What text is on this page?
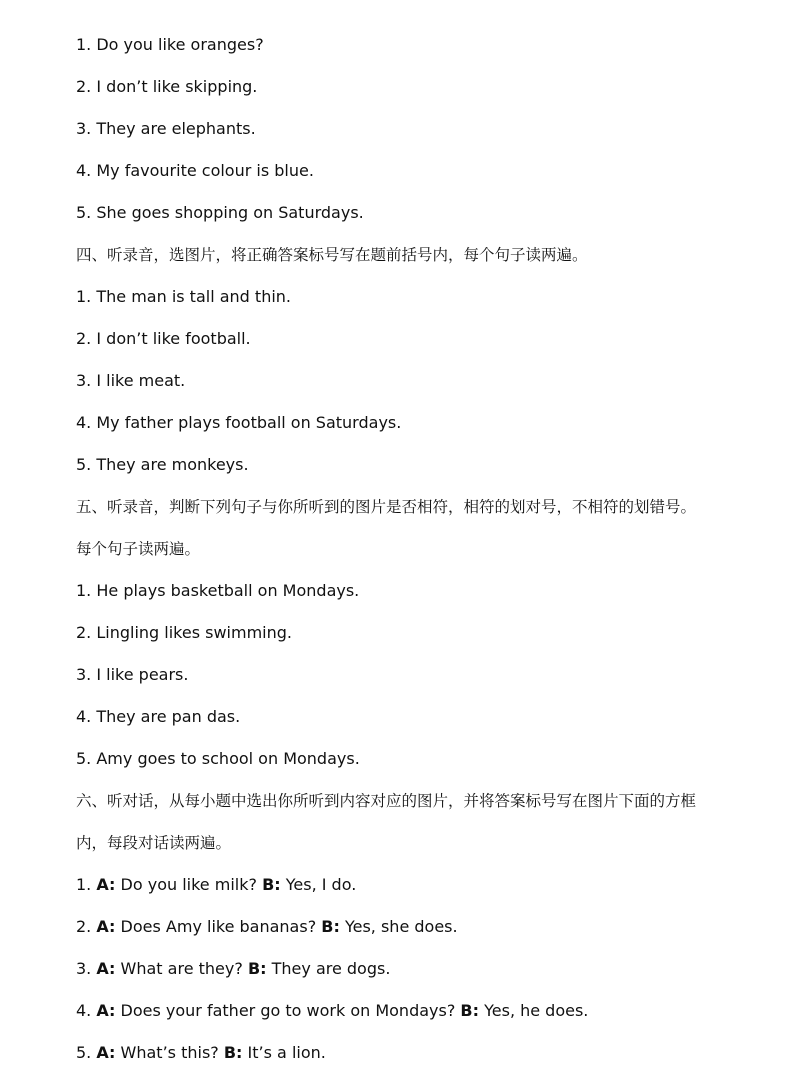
1. Do you like oranges?
2. I don’t like skipping.
3. They are elephants.
4. My favourite colour is blue.
5. She goes shopping on Saturdays.
四、听录音，选图片，将正确答案标号写在题前括号内，每个句子读两遍。
1. The man is tall and thin.
2. I don’t like football.
3. I like meat.
4. My father plays football on Saturdays.
5. They are monkeys.
五、听录音，判断下列句子与你所听到的图片是否相符，相符的划对号，不相符的划错号。
每个句子读两遍。
1. He plays basketball on Mondays.
2. Lingling likes swimming.
3. I like pears.
4. They are pan das.
5. Amy goes to school on Mondays.
六、听对话，从每小题中选出你所听到内容对应的图片，并将答案标号写在图片下面的方框
内，每段对话读两遍。
1. A: Do you like milk? B: Yes, I do.
2. A: Does Amy like bananas? B: Yes, she does.
3. A: What are they? B: They are dogs.
4. A: Does your father go to work on Mondays? B: Yes, he does.
5. A: What’s this? B: It’s a lion.
